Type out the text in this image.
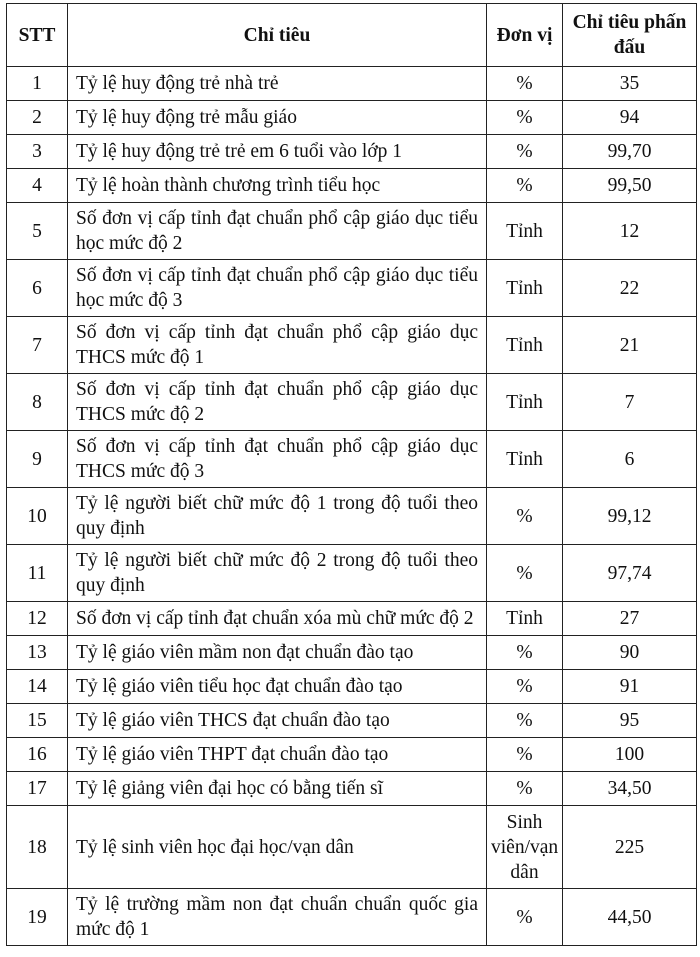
STT	Chỉ tiêu	Đơn vị	Chỉ tiêu phấn đấu
1	Tỷ lệ huy động trẻ nhà trẻ	%	35
2	Tỷ lệ huy động trẻ mẫu giáo	%	94
3	Tỷ lệ huy động trẻ trẻ em 6 tuổi vào lớp 1	%	99,70
4	Tỷ lệ hoàn thành chương trình tiểu học	%	99,50
5	Số đơn vị cấp tỉnh đạt chuẩn phổ cập giáo dục tiểu học mức độ 2	Tỉnh	12
6	Số đơn vị cấp tỉnh đạt chuẩn phổ cập giáo dục tiểu học mức độ 3	Tỉnh	22
7	Số đơn vị cấp tỉnh đạt chuẩn phổ cập giáo dục THCS mức độ 1	Tỉnh	21
8	Số đơn vị cấp tỉnh đạt chuẩn phổ cập giáo dục THCS mức độ 2	Tỉnh	7
9	Số đơn vị cấp tỉnh đạt chuẩn phổ cập giáo dục THCS mức độ 3	Tỉnh	6
10	Tỷ lệ người biết chữ mức độ 1 trong độ tuổi theo quy định	%	99,12
11	Tỷ lệ người biết chữ mức độ 2 trong độ tuổi theo quy định	%	97,74
12	Số đơn vị cấp tỉnh đạt chuẩn xóa mù chữ mức độ 2	Tỉnh	27
13	Tỷ lệ giáo viên mầm non đạt chuẩn đào tạo	%	90
14	Tỷ lệ giáo viên tiểu học đạt chuẩn đào tạo	%	91
15	Tỷ lệ giáo viên THCS đạt chuẩn đào tạo	%	95
16	Tỷ lệ giáo viên THPT đạt chuẩn đào tạo	%	100
17	Tỷ lệ giảng viên đại học có bằng tiến sĩ	%	34,50
18	Tỷ lệ sinh viên học đại học/vạn dân	Sinh viên/vạn dân	225
19	Tỷ lệ trường mầm non đạt chuẩn chuẩn quốc gia mức độ 1	%	44,50
